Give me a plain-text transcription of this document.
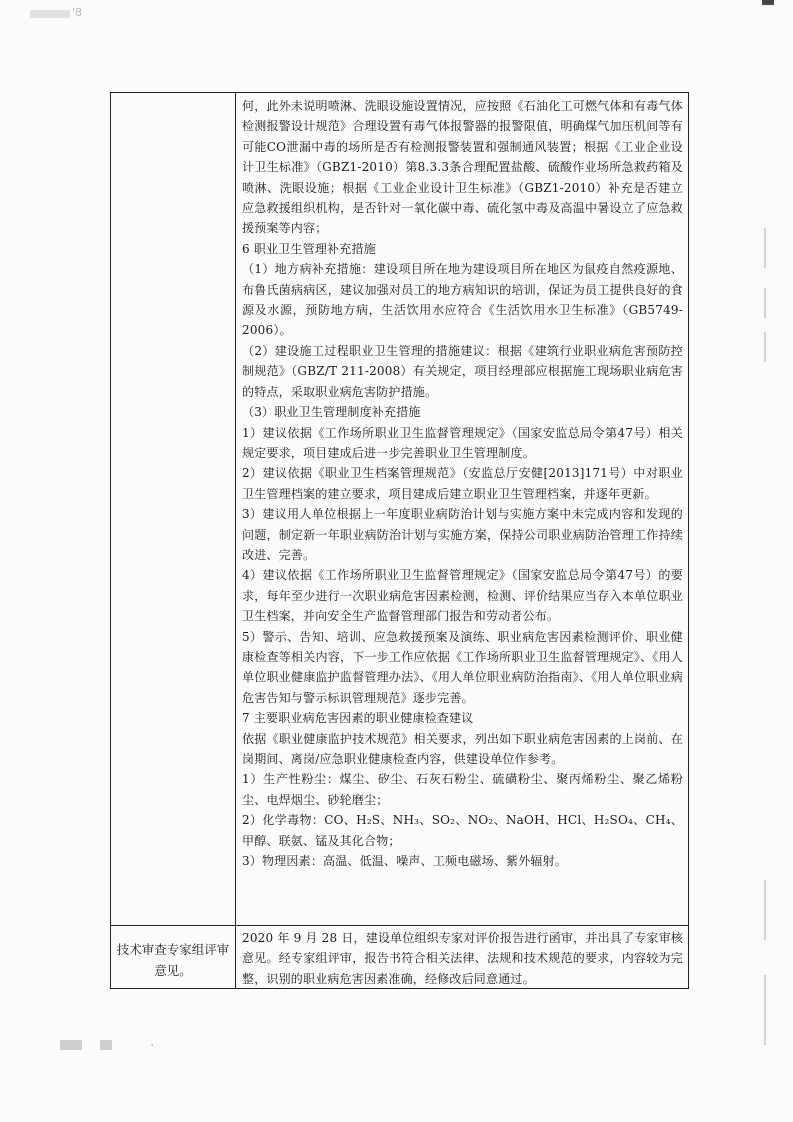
'8
·

何，此外未说明喷淋、洗眼设施设置情况，应按照《石油化工可燃气体和有毒气体检测报警设计规范》合理设置有毒气体报警器的报警限值，明确煤气加压机间等有可能CO泄漏中毒的场所是否有检测报警装置和强制通风装置；根据《工业企业设计卫生标准》（GBZ1-2010）第8.3.3条合理配置盐酸、硫酸作业场所急救药箱及喷淋、洗眼设施；根据《工业企业设计卫生标准》（GBZ1-2010）补充是否建立应急救援组织机构，是否针对一氧化碳中毒、硫化氢中毒及高温中暑设立了应急救援预案等内容；

6 职业卫生管理补充措施

（1）地方病补充措施：建设项目所在地为建设项目所在地区为鼠疫自然疫源地、布鲁氏菌病病区，建议加强对员工的地方病知识的培训，保证为员工提供良好的食源及水源，预防地方病，生活饮用水应符合《生活饮用水卫生标准》（GB5749-2006）。

（2）建设施工过程职业卫生管理的措施建议：根据《建筑行业职业病危害预防控制规范》（GBZ/T 211-2008）有关规定，项目经理部应根据施工现场职业病危害的特点，采取职业病危害防护措施。

（3）职业卫生管理制度补充措施

1）建议依据《工作场所职业卫生监督管理规定》（国家安监总局令第47号）相关规定要求，项目建成后进一步完善职业卫生管理制度。

2）建议依据《职业卫生档案管理规范》（安监总厅安健[2013]171号）中对职业卫生管理档案的建立要求，项目建成后建立职业卫生管理档案，并逐年更新。

3）建议用人单位根据上一年度职业病防治计划与实施方案中未完成内容和发现的问题，制定新一年职业病防治计划与实施方案，保持公司职业病防治管理工作持续改进、完善。

4）建议依据《工作场所职业卫生监督管理规定》（国家安监总局令第47号）的要求，每年至少进行一次职业病危害因素检测，检测、评价结果应当存入本单位职业卫生档案，并向安全生产监督管理部门报告和劳动者公布。

5）警示、告知、培训、应急救援预案及演练、职业病危害因素检测评价、职业健康检查等相关内容，下一步工作应依据《工作场所职业卫生监督管理规定》、《用人单位职业健康监护监督管理办法》、《用人单位职业病防治指南》、《用人单位职业病危害告知与警示标识管理规范》逐步完善。

7 主要职业病危害因素的职业健康检查建议

依据《职业健康监护技术规范》相关要求，列出如下职业病危害因素的上岗前、在岗期间、离岗/应急职业健康检查内容，供建设单位作参考。

1）生产性粉尘：煤尘、矽尘、石灰石粉尘、硫磺粉尘、聚丙烯粉尘、聚乙烯粉尘、电焊烟尘、砂轮磨尘；

2）化学毒物：CO、H₂S、NH₃、SO₂、NO₂、NaOH、HCl、H₂SO₄、CH₄、甲醇、联氨、锰及其化合物；

3）物理因素：高温、低温、噪声、工频电磁场、紫外辐射。

技术审查专家组评审意见。
2020 年 9 月 28 日，建设单位组织专家对评价报告进行函审，并出具了专家审核意见。经专家组评审，报告书符合相关法律、法规和技术规范的要求，内容较为完整，识别的职业病危害因素准确，经修改后同意通过。
